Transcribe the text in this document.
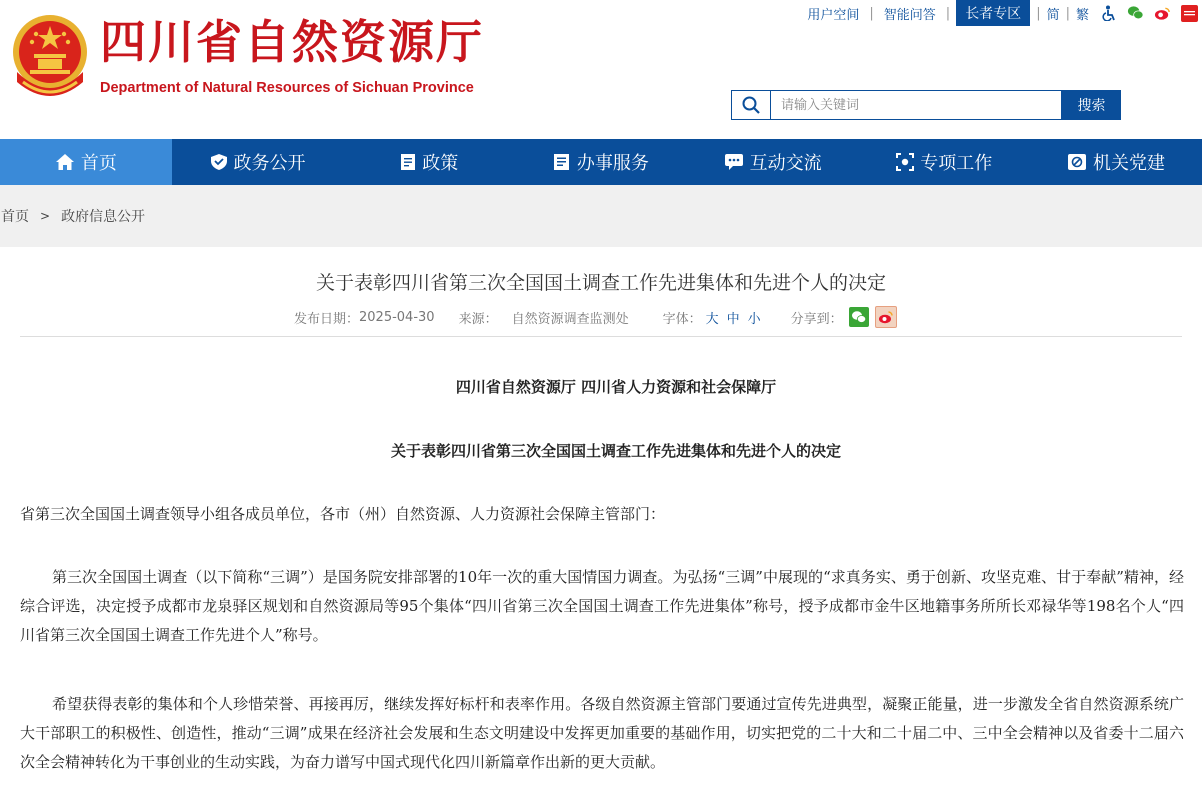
四川省自然资源厅
Department of Natural Resources of Sichuan Province
用户空间 | 智能问答 |	长者专区	| 简 | 繁
请输入关键词
搜索
首页	政务公开	政策	办事服务	互动交流	专项工作	机关党建
首页 > 政府信息公开
关于表彰四川省第三次全国国土调查工作先进集体和先进个人的决定
发布日期： 2025-04-30 来源： 自然资源调查监测处	字体： 大 中 小 分享到：
四川省自然资源厅 四川省人力资源和社会保障厅
关于表彰四川省第三次全国国土调查工作先进集体和先进个人的决定
省第三次全国国土调查领导小组各成员单位，各市（州）自然资源、人力资源社会保障主管部门：
第三次全国国土调查（以下简称“三调”）是国务院安排部署的10年一次的重大国情国力调查。为弘扬“三调”中展现的“求真务实、勇于创新、攻坚克难、甘于奉献”精神，经综合评选，决定授予成都市龙泉驿区规划和自然资源局等95个集体“四川省第三次全国国土调查工作先进集体”称号，授予成都市金牛区地籍事务所所长邓禄华等198名个人“四川省第三次全国国土调查工作先进个人”称号。
希望获得表彰的集体和个人珍惜荣誉、再接再厉，继续发挥好标杆和表率作用。各级自然资源主管部门要通过宣传先进典型，凝聚正能量，进一步激发全省自然资源系统广大干部职工的积极性、创造性，推动“三调”成果在经济社会发展和生态文明建设中发挥更加重要的基础作用，切实把党的二十大和二十届二中、三中全会精神以及省委十二届六次全会精神转化为干事创业的生动实践，为奋力谱写中国式现代化四川新篇章作出新的更大贡献。
